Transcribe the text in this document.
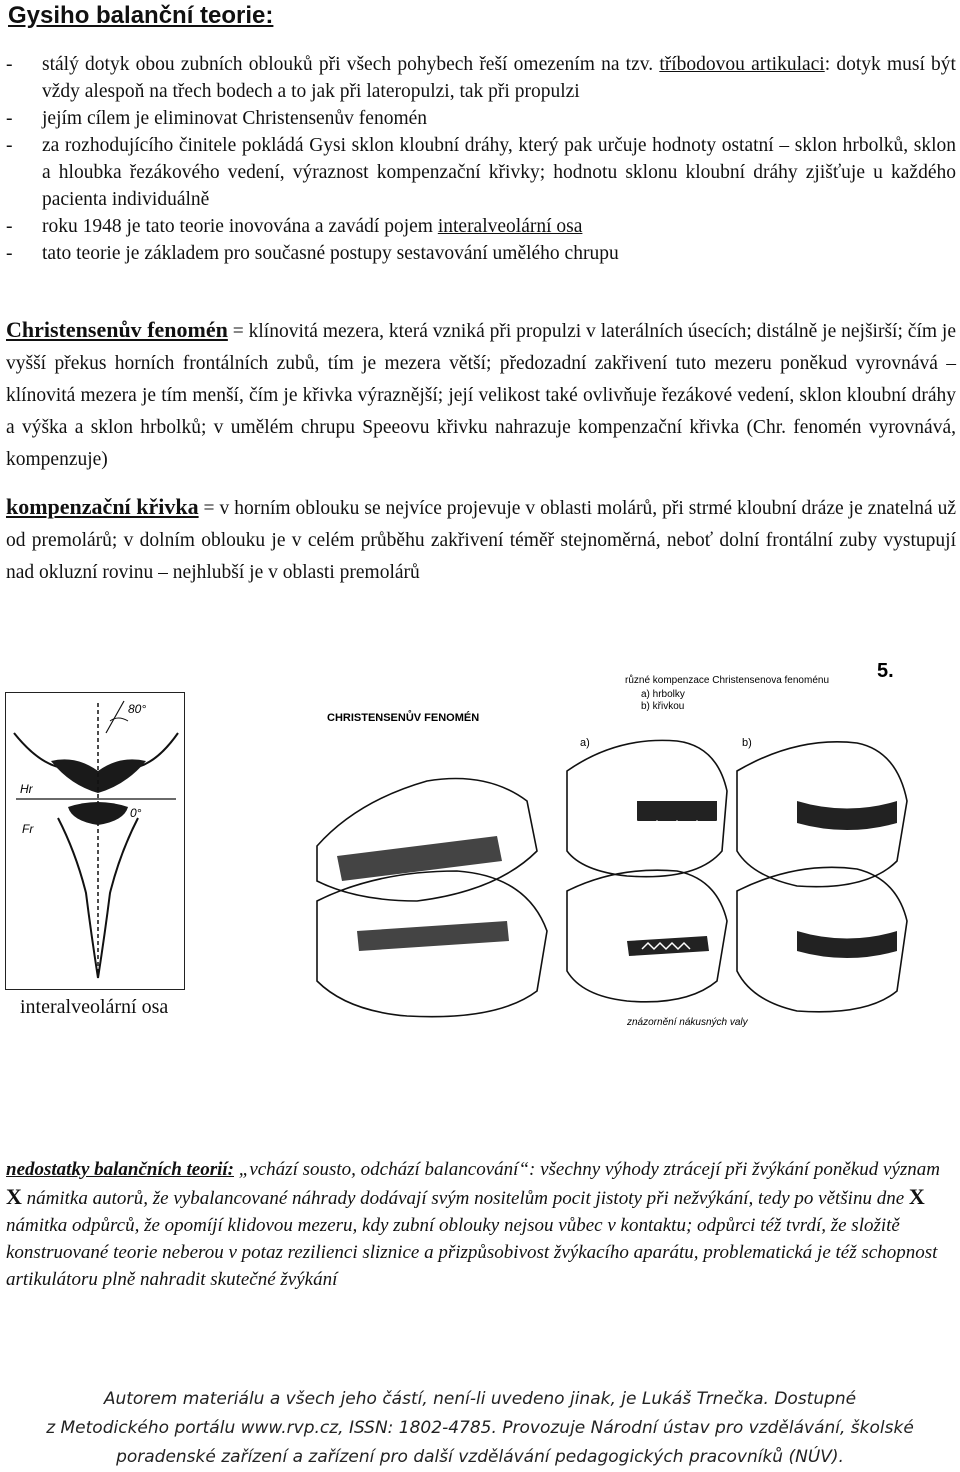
Gysiho balanční teorie:
-	stálý dotyk obou zubních oblouků při všech pohybech řeší omezením na tzv. tříbodovou artikulaci: dotyk musí být vždy alespoň na třech bodech a to jak při lateropulzi, tak při propulzi
-	jejím cílem je eliminovat Christensenův fenomén
-	za rozhodujícího činitele pokládá Gysi sklon kloubní dráhy, který pak určuje hodnoty ostatní – sklon hrbolků, sklon a hloubka řezákového vedení, výraznost kompenzační křivky; hodnotu sklonu kloubní dráhy zjišťuje u každého pacienta individuálně
-	roku 1948 je tato teorie inovována a zavádí pojem interalveolární osa
-	tato teorie je základem pro současné postupy sestavování umělého chrupu
Christensenův fenomén = klínovitá mezera, která vzniká při propulzi v laterálních úsecích; distálně je nejširší; čím je vyšší překus horních frontálních zubů, tím je mezera větší; předozadní zakřivení tuto mezeru poněkud vyrovnává – klínovitá mezera je tím menší, čím je křivka výraznější; její velikost také ovlivňuje řezákové vedení, sklon kloubní dráhy a výška a sklon hrbolků; v umělém chrupu Speeovu křivku nahrazuje kompenzační křivka (Chr. fenomén vyrovnává, kompenzuje)
kompenzační křivka = v horním oblouku se nejvíce projevuje v oblasti molárů, při strmé kloubní dráze je znatelná už od premolárů; v dolním oblouku je v celém průběhu zakřivení téměř stejnoměrná, neboť dolní frontální zuby vystupují nad okluzní rovinu – nejhlubší je v oblasti premolárů
80°
0°
Hr
Fr
5.
různé kompenzace Christensenova fenoménu
a) hrbolky
b) křivkou
CHRISTENSENŮV FENOMÉN
a)	b)
znázornění nákusných valy
interalveolární osa
nedostatky balančních teorií: „vchází sousto, odchází balancování“: všechny výhody ztrácejí při žvýkání poněkud význam X námitka autorů, že vybalancované náhrady dodávají svým nositelům pocit jistoty při nežvýkání, tedy po většinu dne X námitka odpůrců, že opomíjí klidovou mezeru, kdy zubní oblouky nejsou vůbec v kontaktu; odpůrci též tvrdí, že složitě konstruované teorie neberou v potaz rezilienci sliznice a přizpůsobivost žvýkacího aparátu, problematická je též schopnost artikulátoru plně nahradit skutečné žvýkání
Autorem materiálu a všech jeho částí, není-li uvedeno jinak, je Lukáš Trnečka. Dostupné
z Metodického portálu www.rvp.cz, ISSN: 1802-4785. Provozuje Národní ústav pro vzdělávání, školské
poradenské zařízení a zařízení pro další vzdělávání pedagogických pracovníků (NÚV).
